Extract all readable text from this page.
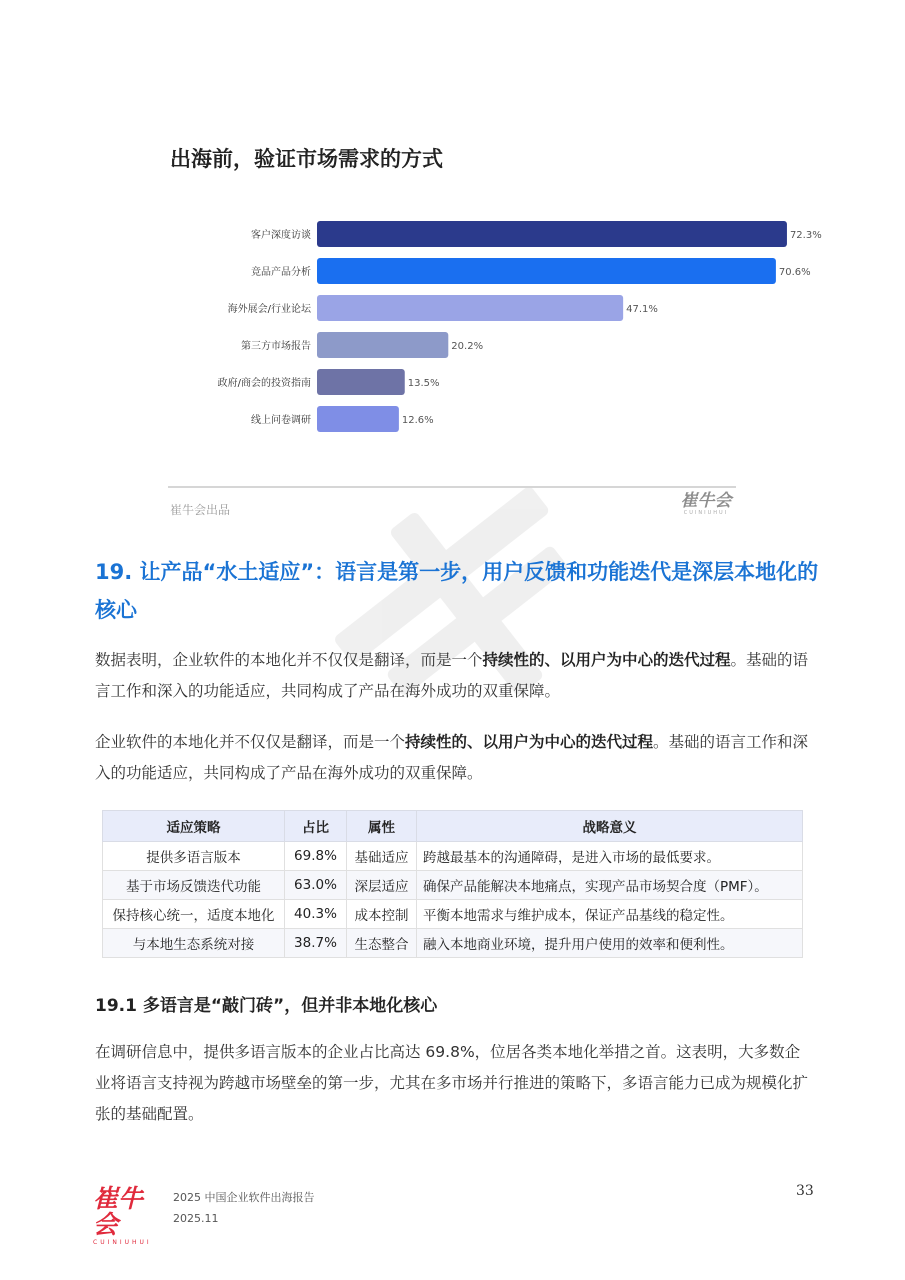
出海前，验证市场需求的方式
客户深度访谈	72.3%
竞品产品分析	70.6%
海外展会/行业论坛	47.1%
第三方市场报告	20.2%
政府/商会的投资指南	13.5%
线上问卷调研	12.6%
崔牛会出品	崔牛会
CUINIUHUI
19. 让产品“水土适应”：语言是第一步，用户反馈和功能迭代是深层本地化的核心
数据表明，企业软件的本地化并不仅仅是翻译，而是一个持续性的、以用户为中心的迭代过程。基础的语言工作和深入的功能适应，共同构成了产品在海外成功的双重保障。
企业软件的本地化并不仅仅是翻译，而是一个持续性的、以用户为中心的迭代过程。基础的语言工作和深入的功能适应，共同构成了产品在海外成功的双重保障。
适应策略	占比	属性	战略意义
提供多语言版本	69.8%	基础适应	跨越最基本的沟通障碍，是进入市场的最低要求。
基于市场反馈迭代功能	63.0%	深层适应	确保产品能解决本地痛点，实现产品市场契合度（PMF）。
保持核心统一，适度本地化	40.3%	成本控制	平衡本地需求与维护成本，保证产品基线的稳定性。
与本地生态系统对接	38.7%	生态整合	融入本地商业环境，提升用户使用的效率和便利性。
19.1 多语言是“敲门砖”，但并非本地化核心
在调研信息中，提供多语言版本的企业占比高达 69.8%，位居各类本地化举措之首。这表明，大多数企业将语言支持视为跨越市场壁垒的第一步，尤其在多市场并行推进的策略下，多语言能力已成为规模化扩张的基础配置。
崔牛会
CUINIUHUI
2025 中国企业软件出海报告
2025.11
33
